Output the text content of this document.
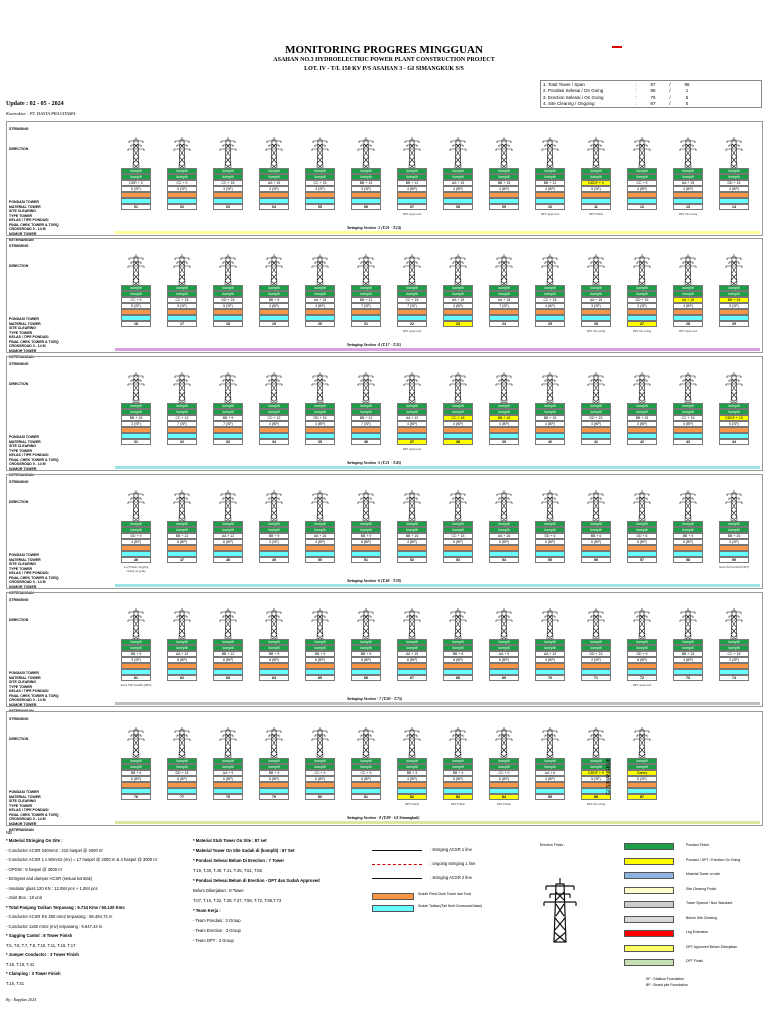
MONITORING PROGRES MINGGUAN
ASAHAN NO.3 HYDROELECTRIC POWER PLANT CONSTRUCTION PROJECT
LOT. IV - T/L 150 KV P/S ASAHAN 3 - GI SIMANGKUK S/S
1. Total Tower / Span	:	87	/	86
2. Pondasi Selesai / On Going	:	86	/	1
3. Erection Selesai / On Going	:	76	/	5
4. Site Clearing / Ongoing	:	87	/	0
Update : 02 - 05 - 2024
Kontraktor : PT. HASTA PRAJATAMA
STRINGING
DIRECTION
PONDASI TOWER
MATERIAL TOWER
SITE CLEARING
TYPE TOWER
KELAS / TIPE PONDASI
FINAL CHEK TOWER & TORQ
CROSSROAD 0 - 14 M
NOMOR TOWER
KETERANGAN
komplit
komplit
DDR + 0
5 (SF)
01
komplit
komplit
CC + 0
5 (SF)
02
komplit
komplit
CC + 15
3 (SF)
03
komplit
komplit
AA + 15
3 (SF)
04
komplit
komplit
CC + 15
3 (SF)
05
komplit
komplit
BB + 15
3 (SF)
06
komplit
komplit
BB + 12
4 (BP)
07
DPT Approved
komplit
komplit
AA + 15
4 (BP)
08
komplit
komplit
BB + 15
4 (BP)
09
komplit
komplit
BB + 12
4 (BP)
10
DPT Approved
komplit
komplit
DDDF + 0
5 (SF)
11
DPT Finish
komplit
komplit
CC + 9
4 (BP)
12
komplit
komplit
AA + 15
4 (BP)
13
DPT On Going
komplit
komplit
DD + 15
4 (BP)
14
Stringing Section -1 (T.01 - T.14)
STRINGING
DIRECTION
PONDASI TOWER
MATERIAL TOWER
SITE CLEARING
TYPE TOWER
KELAS / TIPE PONDASI
FINAL CHEK TOWER & TORQ
CROSSROAD 0 - 14 M
NOMOR TOWER
KETERANGAN
komplit
komplit
CC + 9
5 (SF)
16
komplit
komplit
CC + 15
5 (SF)
17
komplit
komplit
DD + 15
5 (SF)
18
komplit
komplit
BB + 9
4 (BP)
19
komplit
komplit
AA + 15
4 (BP)
20
komplit
komplit
BB + 12
7 (SF)
21
komplit
komplit
CC + 15
7 (SF)
22
DPT Approved
komplit
komplit
AA + 15
4 (BP)
23
komplit
komplit
AA + 15
7 (SF)
24
komplit
komplit
CC + 15
4 (BP)
25
komplit
komplit
AA + 15
3 (SF)
26
DPT On Going
komplit
komplit
DD + 15
3 (SF)
27
DPT On Going
komplit
komplit
AA + 18
4 (BP)
28
DPT Approved
komplit
komplit
BB + 18
3 (SF)
29
Stringing Section -4 (T.17 - T.31)
STRINGING
DIRECTION
PONDASI TOWER
MATERIAL TOWER
SITE CLEARING
TYPE TOWER
KELAS / TIPE PONDASI
FINAL CHEK TOWER & TORQ
CROSSROAD 0 - 14 M
NOMOR TOWER
KETERANGAN
komplit
komplit
BB + 15
3 (SF)
31
komplit
komplit
CC + 12
7 (SF)
32
komplit
komplit
BB + 9
7 (SF)
33
komplit
komplit
CC + 12
4 (BP)
34
komplit
komplit
DD + 15
4 (BP)
35
komplit
komplit
BB + 12
7 (SF)
36
komplit
komplit
AA + 12
4 (BP)
37
DPT Approved
komplit
komplit
CC + 18
4 (BP)
38
komplit
komplit
BB + 18
4 (BP)
39
komplit
komplit
BB + 15
4 (BP)
40
komplit
komplit
DD + 15
4 (BP)
41
komplit
komplit
BB + 15
4 (BP)
42
komplit
komplit
CC + 15
4 (BP)
43
komplit
komplit
DDDF + 15
5 (SF)
44
Stringing Section -5 (T.31 - T.45)
STRINGING
DIRECTION
PONDASI TOWER
MATERIAL TOWER
SITE CLEARING
TYPE TOWER
KELAS / TIPE PONDASI
FINAL CHEK TOWER & TORQ
CROSSROAD 0 - 14 M
NOMOR TOWER
KETERANGAN
komplit
komplit
DD + 9
4 (BP)
46
Log Finish, Sagging Clamp on going
komplit
komplit
BB + 12
6 (BP)
47
komplit
komplit
AA + 12
6 (BP)
48
komplit
komplit
BB + 9
3 (SF)
49
komplit
komplit
AA + 15
4 (BP)
50
komplit
komplit
BB + 9
6 (BP)
51
komplit
komplit
BB + 15
4 (BP)
52
komplit
komplit
CC + 15
6 (BP)
53
komplit
komplit
AA + 15
6 (BP)
54
komplit
komplit
DD + 6
6 (BP)
55
komplit
komplit
BB + 6
6 (BP)
56
komplit
komplit
DD + 6
6 (BP)
57
komplit
komplit
BB + 9
6 (BP)
58
komplit
komplit
BB + 15
3 (SF)
59
Sebar full backfill (DPT)
Stringing Section -6 (T.46 - T.59)
STRINGING
DIRECTION
PONDASI TOWER
MATERIAL TOWER
SITE CLEARING
TYPE TOWER
KELAS / TIPE PONDASI
FINAL CHEK TOWER & TORQ
CROSSROAD 0 - 14 M
NOMOR TOWER
KETERANGAN
komplit
komplit
BB + 9
3 (SF)
61
Sebar Full backfill (DPT)
komplit
komplit
AA + 12
6 (BP)
62
komplit
komplit
BB + 12
6 (BP)
63
komplit
komplit
BB + 9
6 (BP)
64
komplit
komplit
BB + 9
6 (BP)
65
komplit
komplit
BB + 9
6 (BP)
66
komplit
komplit
AA + 15
6 (BP)
67
komplit
komplit
BB + 6
6 (BP)
68
komplit
komplit
AA + 9
6 (BP)
69
komplit
komplit
AA + 12
4 (BP)
70
komplit
komplit
DD + 15
2 (SF)
71
komplit
komplit
DD + 9
6 (BP)
72
DPT Approved
komplit
komplit
BB + 15
4 (BP)
73
komplit
komplit
CC + 15
2 (SF)
74
Stringing Section - 7 (T.60 - T.75)
STRINGING
DIRECTION
PONDASI TOWER
MATERIAL TOWER
SITE CLEARING
TYPE TOWER
KELAS / TIPE PONDASI
FINAL CHEK TOWER & TORQ
CROSSROAD 0 - 14 M
NOMOR TOWER
KETERANGAN
komplit
komplit
BB + 6
6 (BP)
76
komplit
komplit
DD + 15
6 (BP)
77
komplit
komplit
AA + 9
6 (BP)
78
komplit
komplit
BB + 9
6 (BP)
79
komplit
komplit
CC + 9
6 (BP)
80
komplit
komplit
CC + 9
6 (BP)
81
komplit
komplit
BB + 3
4 (BP)
82
DPT Finish
komplit
komplit
BB + 3
6 (BP)
83
DPT Finish
komplit
komplit
CC + 0
6 (BP)
84
DPT Finish
komplit
komplit
AA + 6
4 (BP)
85
komplit
komplit
DDDF + 9
5 (SF)
86
DPT On Going
komplit
komplit
Gantry
5 (SF)
87
Stringing Section - 8 (T.80 - GI Simangkuk)
NB :
* Material Stringing On Site :
- Conductor ACSR 240mm2 : 210 haspel @ 2000 m'
- Conductor ACSR 1 x 50mm2 (mv) = 17 haspel @ 2000 m & 4 haspel @ 3000 m'
- OPGW : 9 haspel @ 3000 m'
- Stringset and damper ACSR (sesuai kontrak)
- Insulator glass 120 KN : 12.084 pcs + 1.084 pcs
- Joint Box : 18 unit
* Total Panjang Tarikan Terpasang : 9.734 Kms / 60.130 Kms
- Conductor ACSR KS 250 mm2 terpasang : 58.484,73 m
- Conductor 1x50 mm2 (mv) terpasang : 9.647,43 m
* Sagging Cantol : 8 Tower Finish
T.5, T.6, T.7, T.8, T.10, T.11, T.16, T.17
* Jumper Conductor : 3 Tower Finish
T.16, T.18, T.41
* Clamping : 3 Tower Finish
T.16, T.41
* Material Stub Tower On Site : 87 set
* Material Tower On Site Sudah di (komplit) : 87 Set
* Pondasi Selesai Belum Di Erection : 7 Tower
T.19, T.30, T.40, T.41, T.45, T.51, T.55
* Pondasi Selesai Belum di Erection - DPT dan Sudah Approved
Belum Dikerjakan : 8 Tower
T.07, T.10, T.22, T.28, T.37, T.58, T.72, T.86,T.73
* Team Kerja :
- Team Pondasi : 3 Group
- Team Erection : 3 Group
- Team DPT : 3 Group
: stringing ACSR 1 line
: ongoing stringing 1 line
: stringing ACSR 2 line
Sudah Final Chek Tower dan Torsi
Sudah Tarikan(Tali Kedi Crossroad/Jalan)
Erection Finish :	Pondasi Finish
Pondasi / DPT / Erection On Going
Material Tower on site
Site Clearing Finish
Tower Special / Non Standard
Belum Site Clearing
Leg Extension
DPT Approved Belum Dikerjakan
DPT Finish
SF : Shallow Foundation
BP : Bored pile Foundation
GI SIMANGKUK
By : Rapplan 2024
